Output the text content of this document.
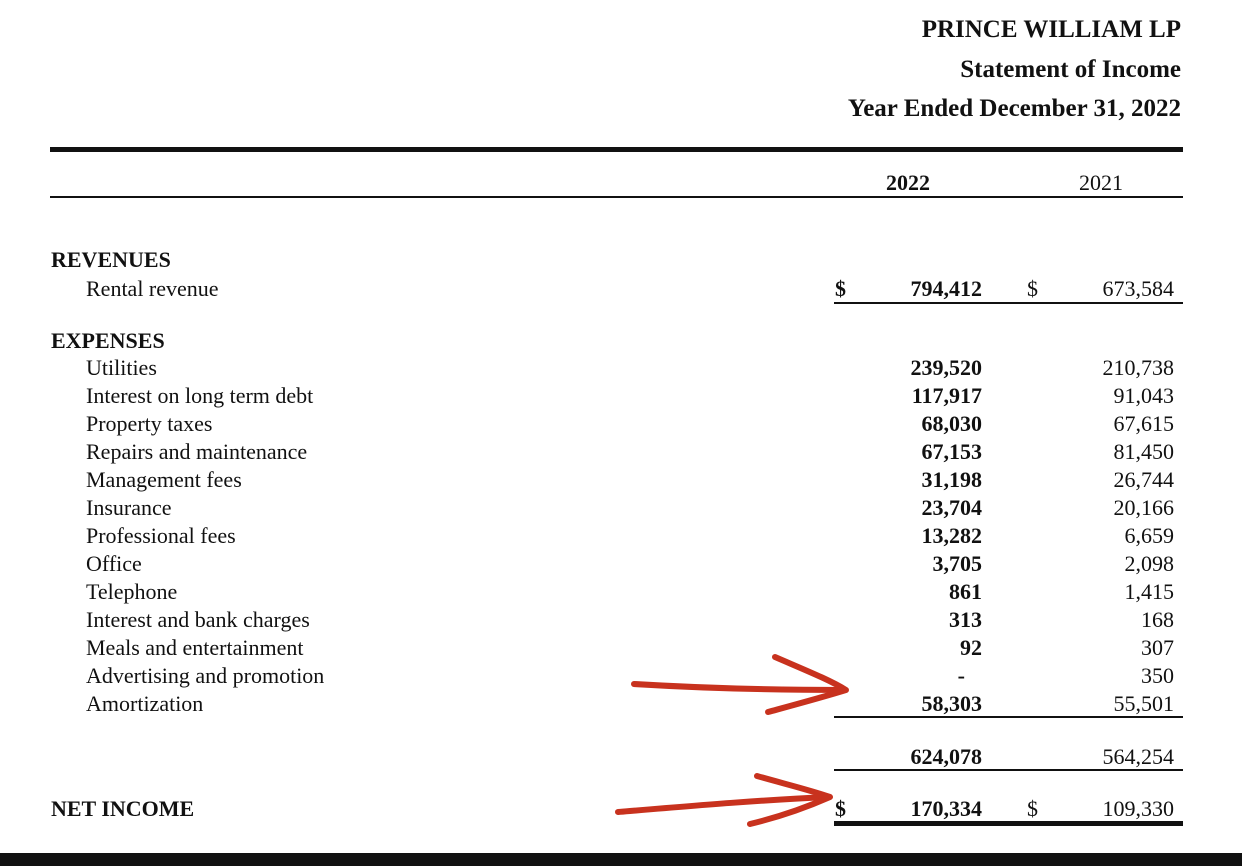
PRINCE WILLIAM LP
Statement of Income
Year Ended December 31, 2022
2022	2021
REVENUES
Rental revenue	$	794,412 $	673,584
EXPENSES
Utilities	239,520	210,738
Interest on long term debt	117,917	91,043
Property taxes	68,030	67,615
Repairs and maintenance	67,153	81,450
Management fees	31,198	26,744
Insurance	23,704	20,166
Professional fees	13,282	6,659
Office	3,705	2,098
Telephone	861	1,415
Interest and bank charges	313	168
Meals and entertainment	92	307
Advertising and promotion	-	350
Amortization	58,303	55,501
624,078	564,254
NET INCOME	$	170,334 $	109,330
